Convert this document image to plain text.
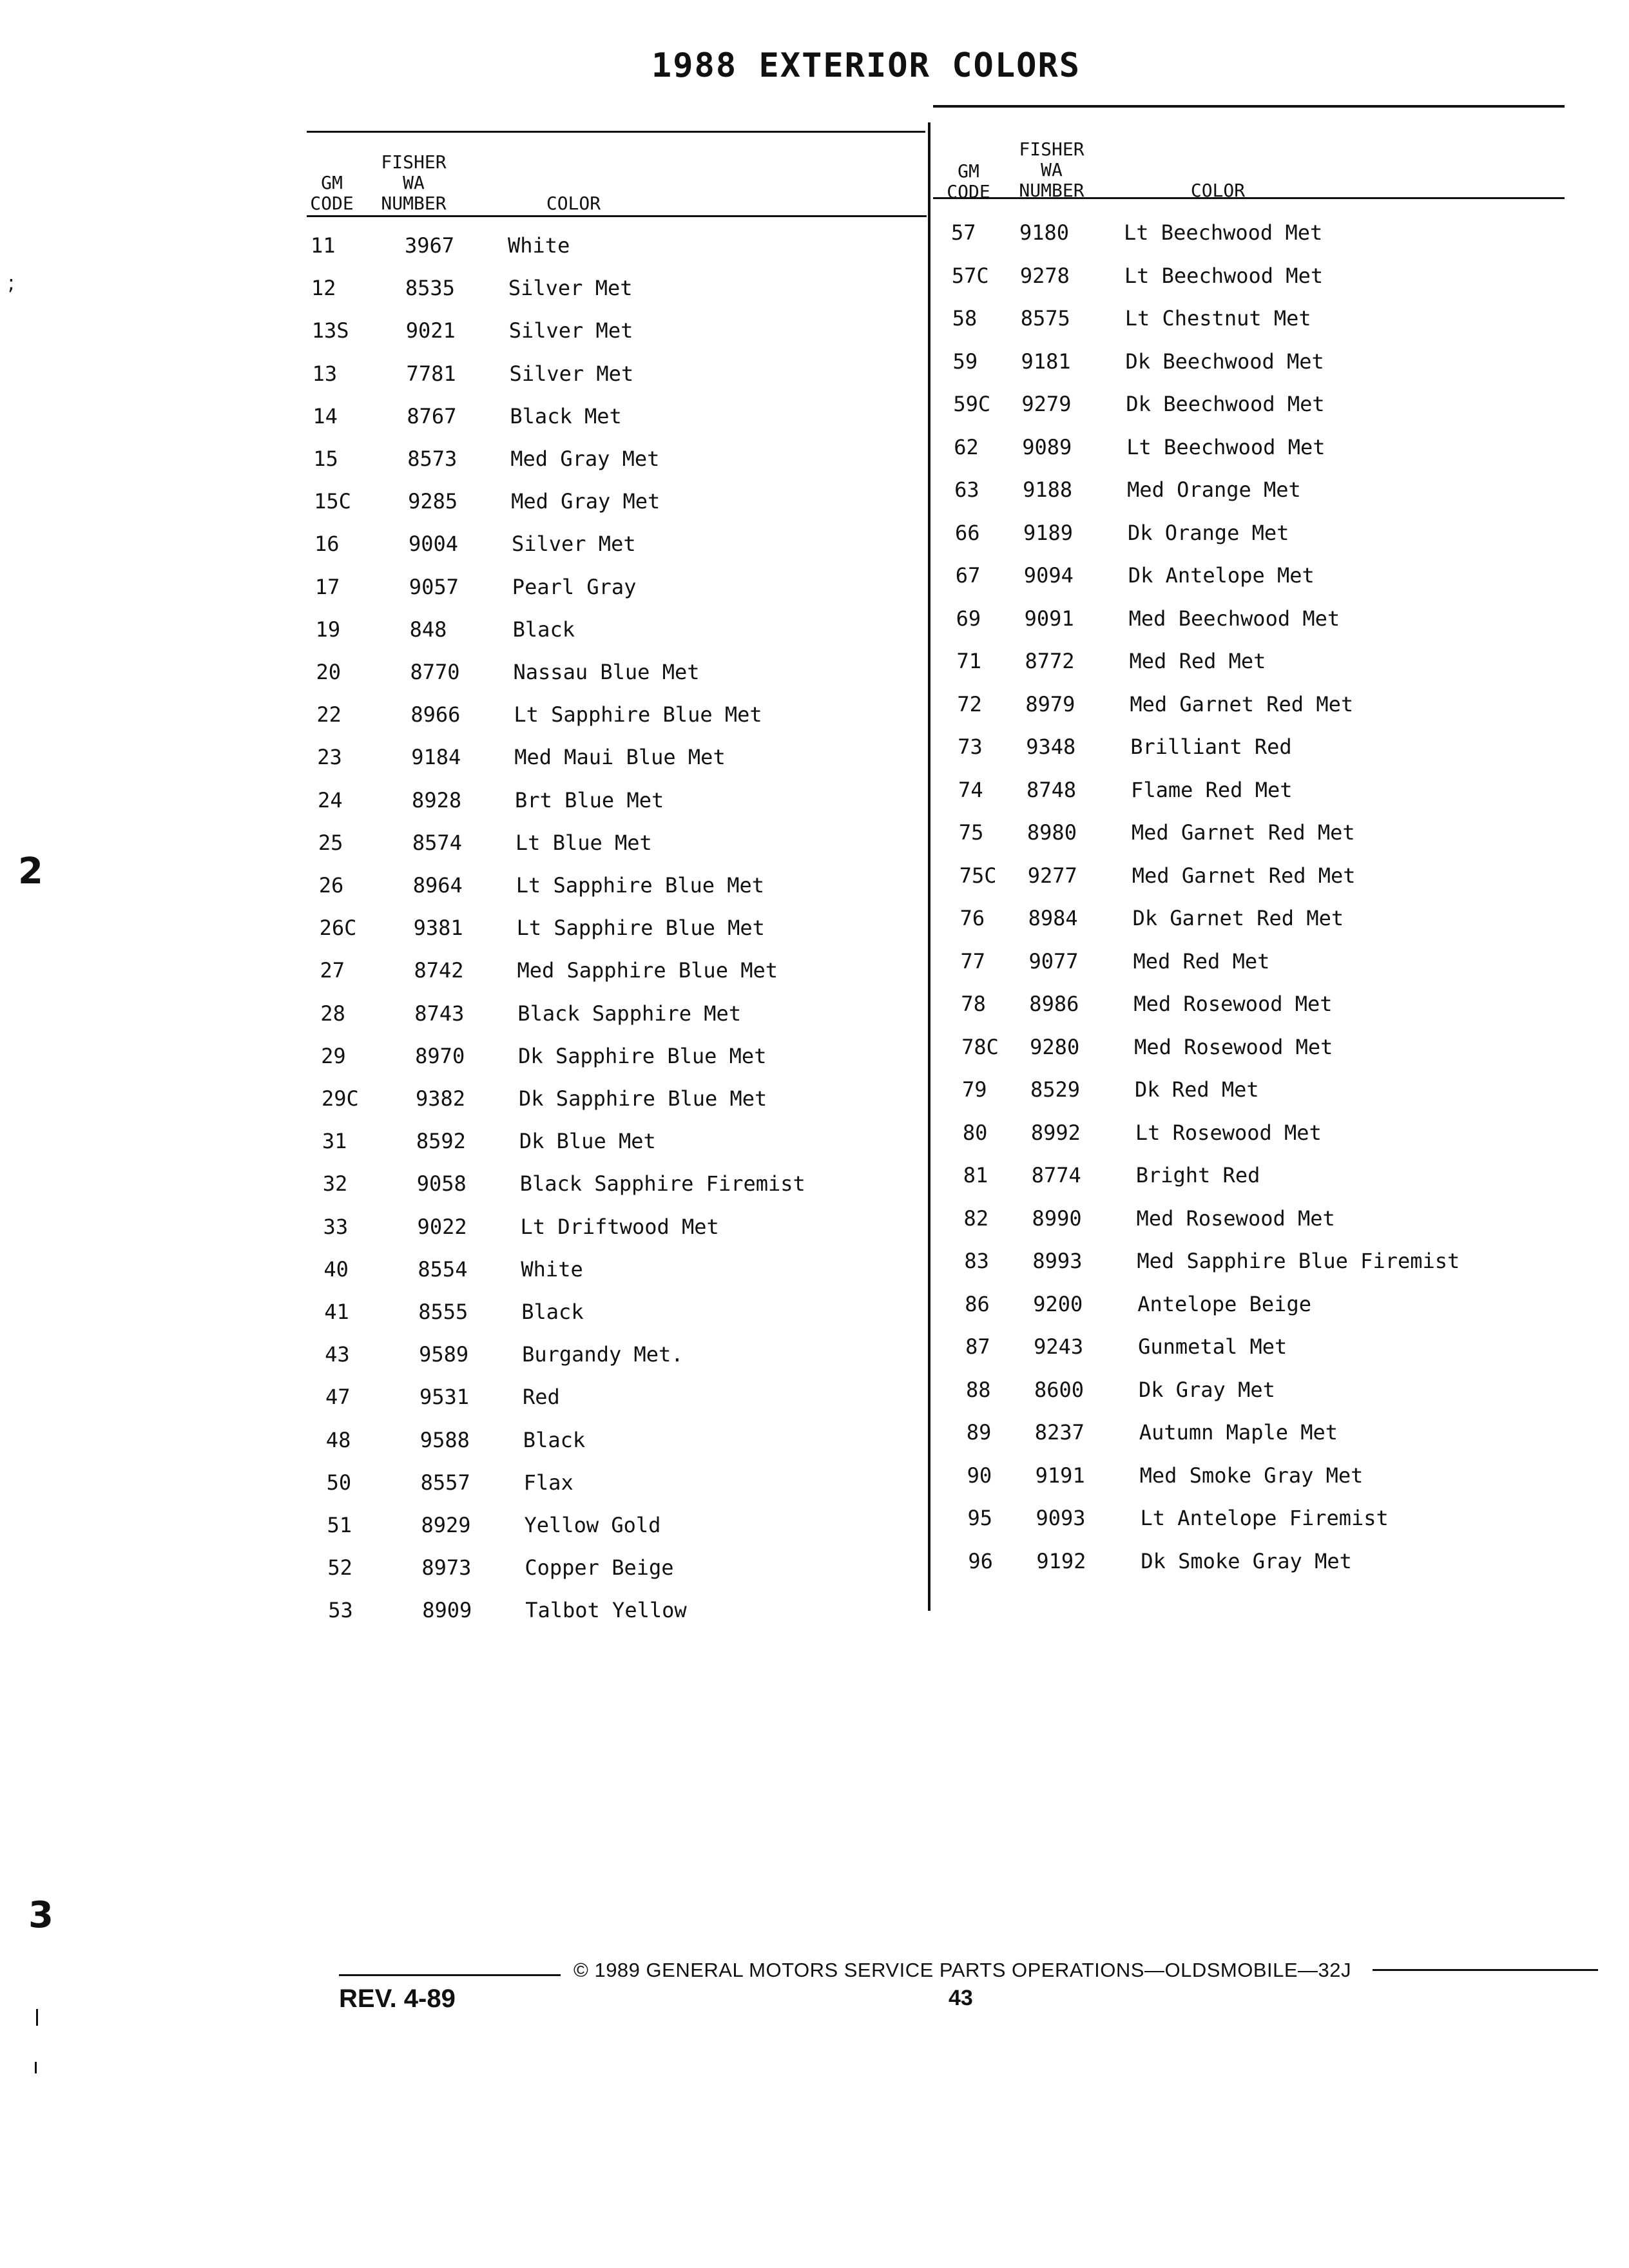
1988 EXTERIOR COLORS
GM
CODE
FISHER
WA
NUMBER	COLOR
GM
CODE
FISHER
WA
NUMBER	COLOR
11	3967	White
12	8535	Silver Met
13S	9021	Silver Met
13	7781	Silver Met
14	8767	Black Met
15	8573	Med Gray Met
15C	9285	Med Gray Met
16	9004	Silver Met
17	9057	Pearl Gray
19	848	Black
20	8770	Nassau Blue Met
22	8966	Lt Sapphire Blue Met
23	9184	Med Maui Blue Met
24	8928	Brt Blue Met
25	8574	Lt Blue Met
26	8964	Lt Sapphire Blue Met
26C	9381	Lt Sapphire Blue Met
27	8742	Med Sapphire Blue Met
28	8743	Black Sapphire Met
29	8970	Dk Sapphire Blue Met
29C	9382	Dk Sapphire Blue Met
31	8592	Dk Blue Met
32	9058	Black Sapphire Firemist
33	9022	Lt Driftwood Met
40	8554	White
41	8555	Black
43	9589	Burgandy Met.
47	9531	Red
48	9588	Black
50	8557	Flax
51	8929	Yellow Gold
52	8973	Copper Beige
53	8909	Talbot Yellow
57 9180	Lt Beechwood Met
57C 9278	Lt Beechwood Met
58 8575	Lt Chestnut Met
59 9181	Dk Beechwood Met
59C 9279	Dk Beechwood Met
62 9089	Lt Beechwood Met
63 9188	Med Orange Met
66 9189	Dk Orange Met
67 9094	Dk Antelope Met
69 9091	Med Beechwood Met
71 8772	Med Red Met
72 8979	Med Garnet Red Met
73 9348	Brilliant Red
74 8748	Flame Red Met
75 8980	Med Garnet Red Met
75C 9277	Med Garnet Red Met
76 8984	Dk Garnet Red Met
77 9077	Med Red Met
78 8986	Med Rosewood Met
78C 9280	Med Rosewood Met
79 8529	Dk Red Met
80 8992	Lt Rosewood Met
81 8774	Bright Red
82 8990	Med Rosewood Met
83 8993	Med Sapphire Blue Firemist
86 9200	Antelope Beige
87 9243	Gunmetal Met
88 8600	Dk Gray Met
89 8237	Autumn Maple Met
90 9191	Med Smoke Gray Met
95 9093	Lt Antelope Firemist
96 9192	Dk Smoke Gray Met
© 1989 GENERAL MOTORS SERVICE PARTS OPERATIONS—OLDSMOBILE—32J
REV. 4-89	43
;
2
3
